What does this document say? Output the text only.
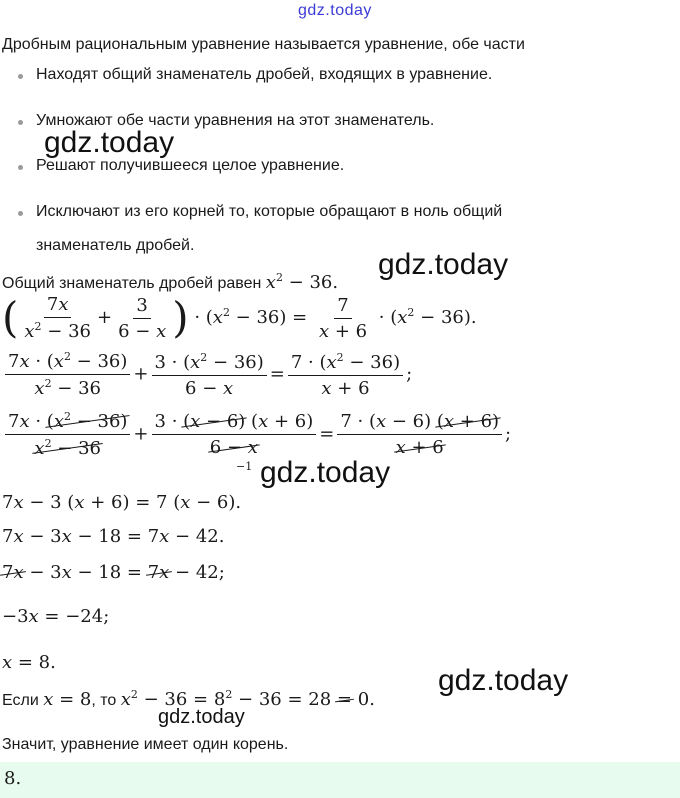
gdz.today
Дробным рациональным уравнение называется уравнение, обе части
Находят общий знаменатель дробей, входящих в уравнение.
Умножают обе части уравнения на этот знаменатель.
Решают получившееся целое уравнение.
Исключают из его корней то, которые обращают в ноль общий
знаменатель дробей.
gdz.today
Общий знаменатель дробей равен $x^2 - 36$.
gdz.today
( $\frac{7x}{x^2 - 36} + \frac{3}{6 - x}$ ) · $(x^2 - 36) = \frac{7}{x + 6} \cdot (x^2 - 36)$.
$\frac{7x \cdot (x^2 - 36)}{x^2 - 36} + \frac{3 \cdot (x^2 - 36)}{6 - x} = \frac{7 \cdot (x^2 - 36)}{x + 6}$ ;
$\frac{7x \cdot (x^2 - 36)}{x^2 - 36} + \frac{3 \cdot (x - 6) (x + 6)}{6 - x} = \frac{7 \cdot (x - 6) (x + 6)}{x + 6}$ ;
−1 gdz.today
7x − 3 (x + 6) = 7 (x − 6).
7x − 3x − 18 = 7x − 42.
7x − 3x − 18 = 7x − 42;
−3x = −24;
x = 8.
gdz.today
Если x = 8, то $x^2 - 36 = 8^2 - 36 = 28 = 0$.
gdz.today
Значит, уравнение имеет один корень.
8.
